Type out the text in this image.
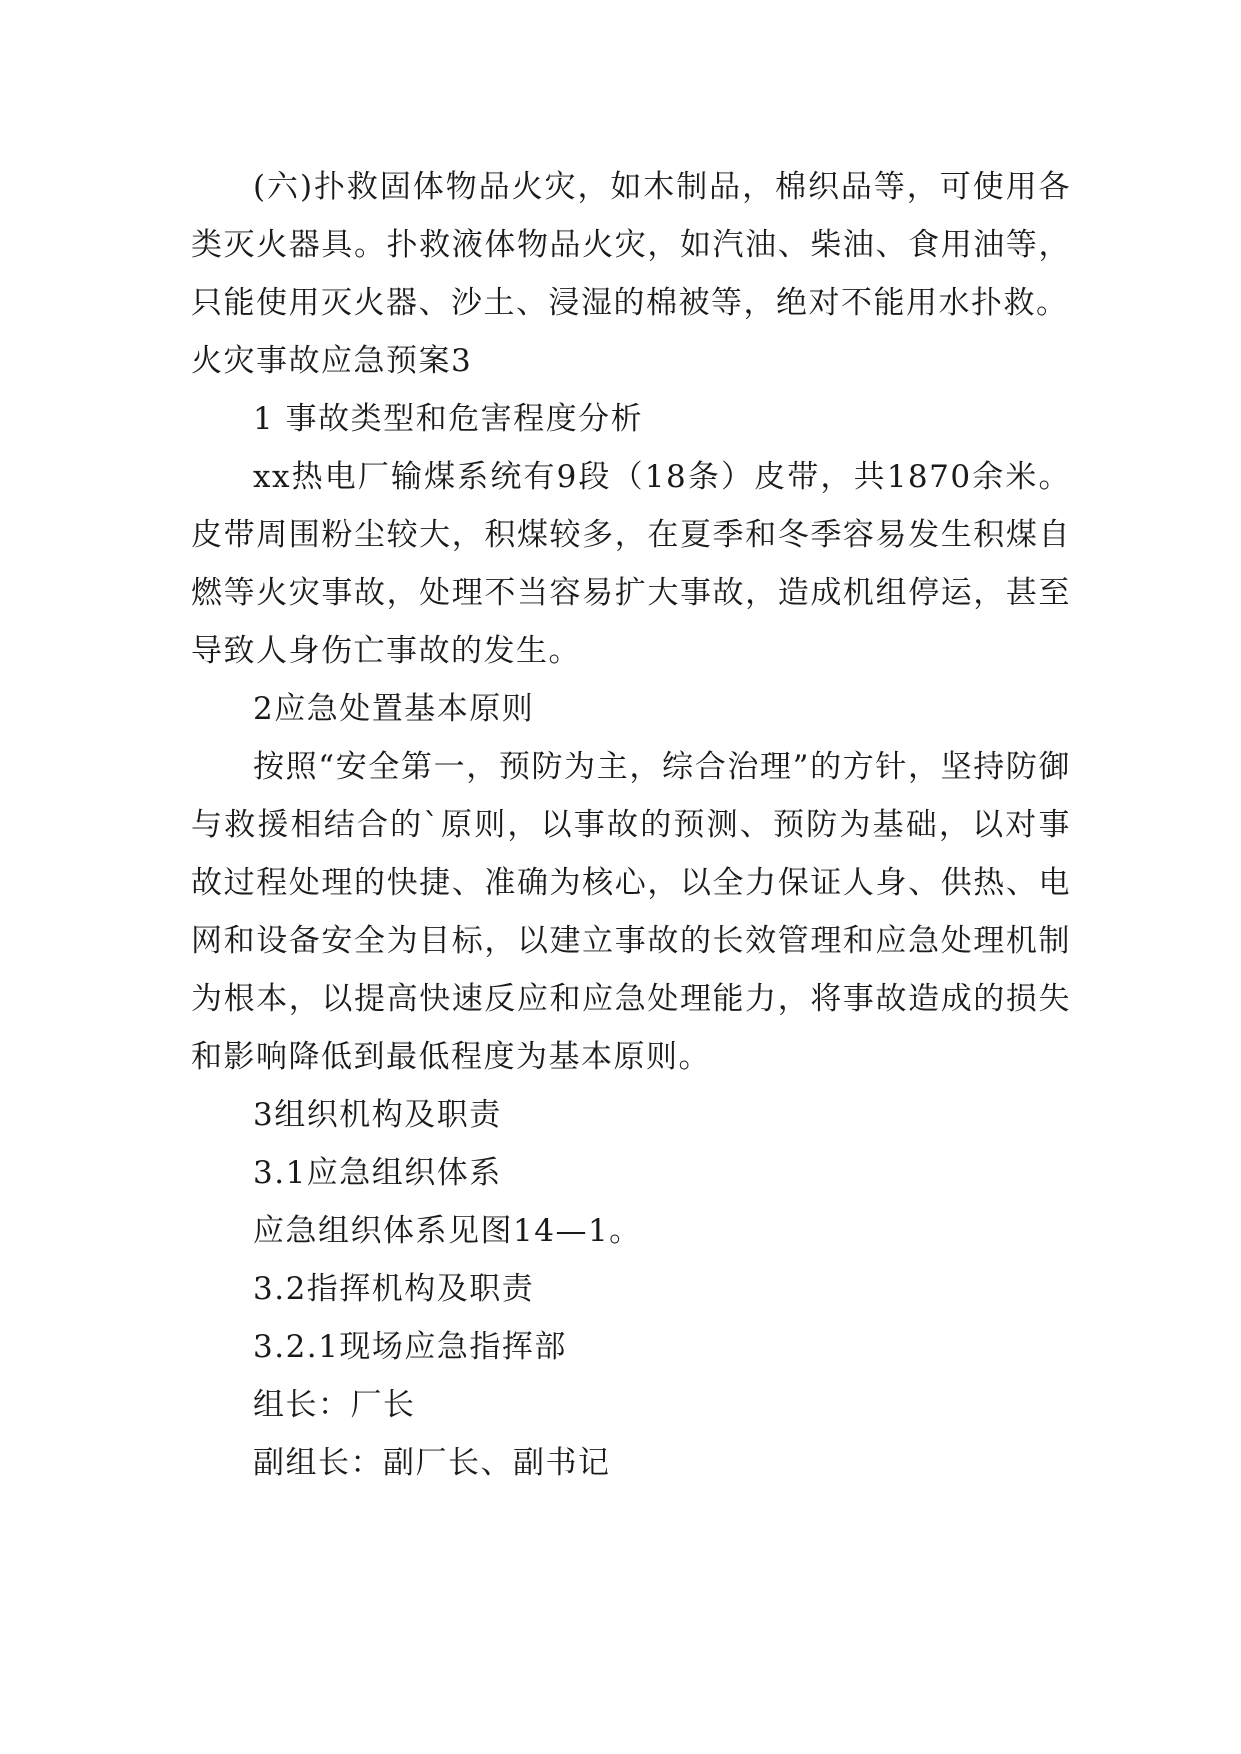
(六)扑救固体物品火灾，如木制品，棉织品等，可使用各类灭火器具。扑救液体物品火灾，如汽油、柴油、食用油等，只能使用灭火器、沙土、浸湿的棉被等，绝对不能用水扑救。

火灾事故应急预案3

1 事故类型和危害程度分析

xx热电厂输煤系统有9段（18条）皮带，共1870余米。皮带周围粉尘较大，积煤较多，在夏季和冬季容易发生积煤自燃等火灾事故，处理不当容易扩大事故，造成机组停运，甚至导致人身伤亡事故的发生。

2应急处置基本原则

按照“安全第一，预防为主，综合治理”的方针，坚持防御与救援相结合的`原则，以事故的预测、预防为基础，以对事故过程处理的快捷、准确为核心，以全力保证人身、供热、电网和设备安全为目标，以建立事故的长效管理和应急处理机制为根本，以提高快速反应和应急处理能力，将事故造成的损失和影响降低到最低程度为基本原则。

3组织机构及职责

3.1应急组织体系

应急组织体系见图14—1。

3.2指挥机构及职责

3.2.1现场应急指挥部

组长：厂长

副组长：副厂长、副书记
